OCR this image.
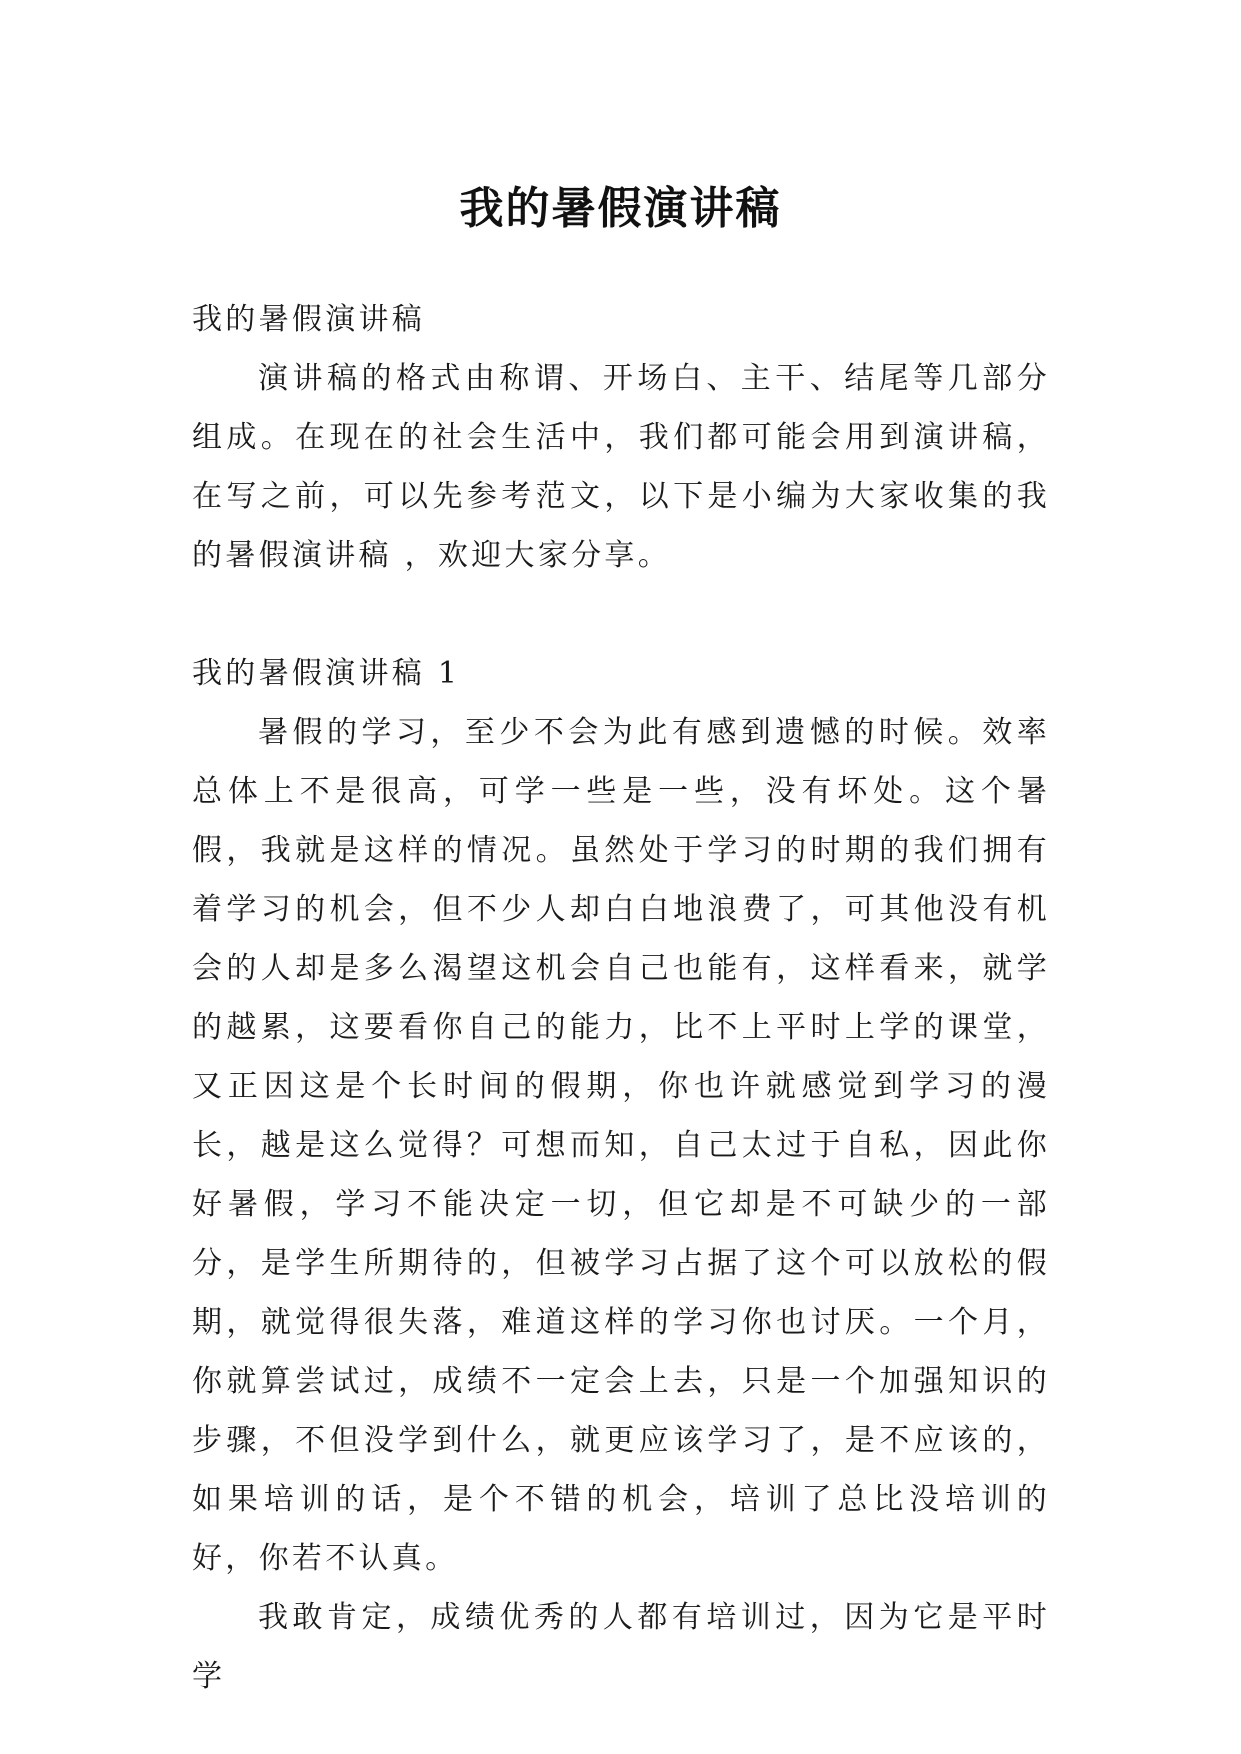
我的暑假演讲稿

我的暑假演讲稿

演讲稿的格式由称谓、开场白、主干、结尾等几部分组成。在现在的社会生活中，我们都可能会用到演讲稿，在写之前，可以先参考范文，以下是小编为大家收集的我的暑假演讲稿 ，欢迎大家分享。

我的暑假演讲稿 1

暑假的学习，至少不会为此有感到遗憾的时候。效率总体上不是很高，可学一些是一些，没有坏处。这个暑假，我就是这样的情况。虽然处于学习的时期的我们拥有着学习的机会，但不少人却白白地浪费了，可其他没有机会的人却是多么渴望这机会自己也能有，这样看来，就学的越累，这要看你自己的能力，比不上平时上学的课堂，又正因这是个长时间的假期，你也许就感觉到学习的漫长，越是这么觉得？可想而知，自己太过于自私，因此你好暑假，学习不能决定一切，但它却是不可缺少的一部分，是学生所期待的，但被学习占据了这个可以放松的假期，就觉得很失落，难道这样的学习你也讨厌。一个月，你就算尝试过，成绩不一定会上去，只是一个加强知识的步骤，不但没学到什么，就更应该学习了，是不应该的，如果培训的话，是个不错的机会，培训了总比没培训的好，你若不认真。

我敢肯定，成绩优秀的人都有培训过，因为它是平时学
